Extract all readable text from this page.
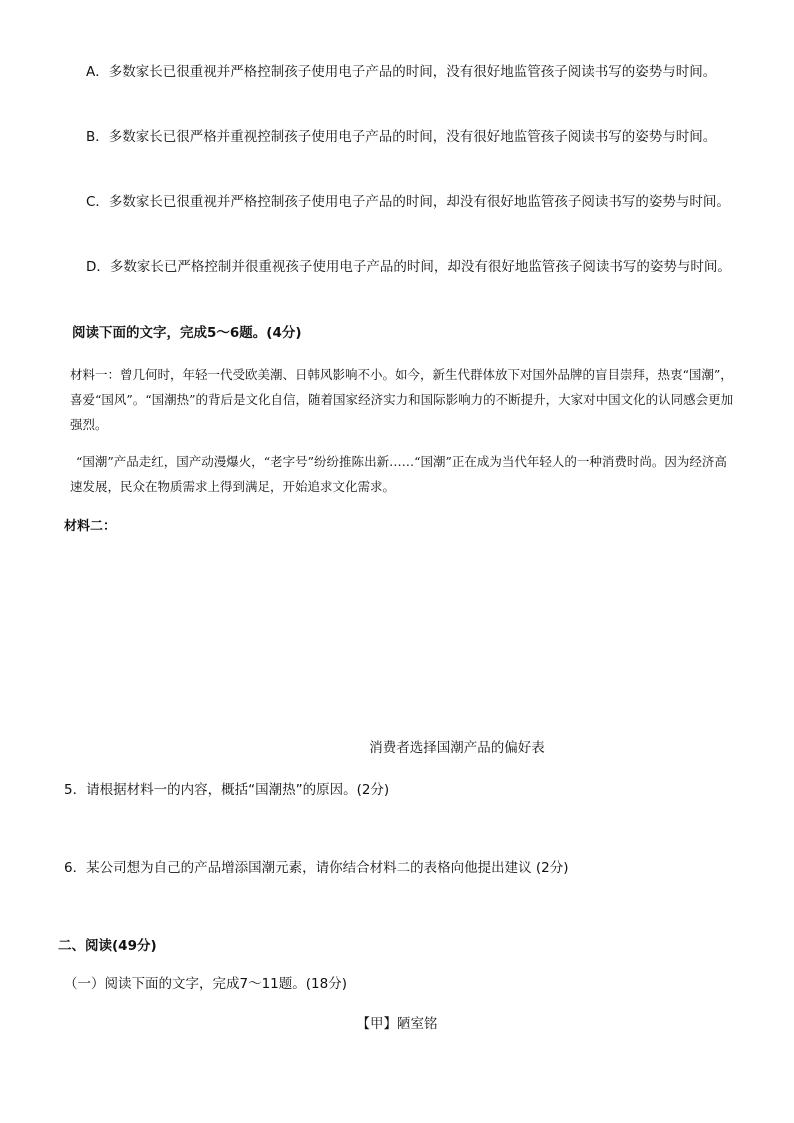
A．多数家长已很重视并严格控制孩子使用电子产品的时间，没有很好地监管孩子阅读书写的姿势与时间。

B．多数家长已很严格并重视控制孩子使用电子产品的时间，没有很好地监管孩子阅读书写的姿势与时间。

C．多数家长已很重视并严格控制孩子使用电子产品的时间，却没有很好地监管孩子阅读书写的姿势与时间。

D．多数家长已严格控制并很重视孩子使用电子产品的时间，却没有很好地监管孩子阅读书写的姿势与时间。

阅读下面的文字，完成5～6题。(4分)

材料一：曾几何时，年轻一代受欧美潮、日韩风影响不小。如今，新生代群体放下对国外品牌的盲目崇拜，热衷“国潮”，喜爱“国风”。“国潮热”的背后是文化自信，随着国家经济实力和国际影响力的不断提升，大家对中国文化的认同感会更加强烈。

“国潮”产品走红，国产动漫爆火，“老字号”纷纷推陈出新……“国潮”正在成为当代年轻人的一种消费时尚。因为经济高速发展，民众在物质需求上得到满足，开始追求文化需求。

材料二：

消费者选择国潮产品的偏好表

5．请根据材料一的内容，概括“国潮热”的原因。(2分)

6．某公司想为自己的产品增添国潮元素，请你结合材料二的表格向他提出建议 (2分)

二、阅读(49分)

（一）阅读下面的文字，完成7～11题。(18分)

【甲】陋室铭
